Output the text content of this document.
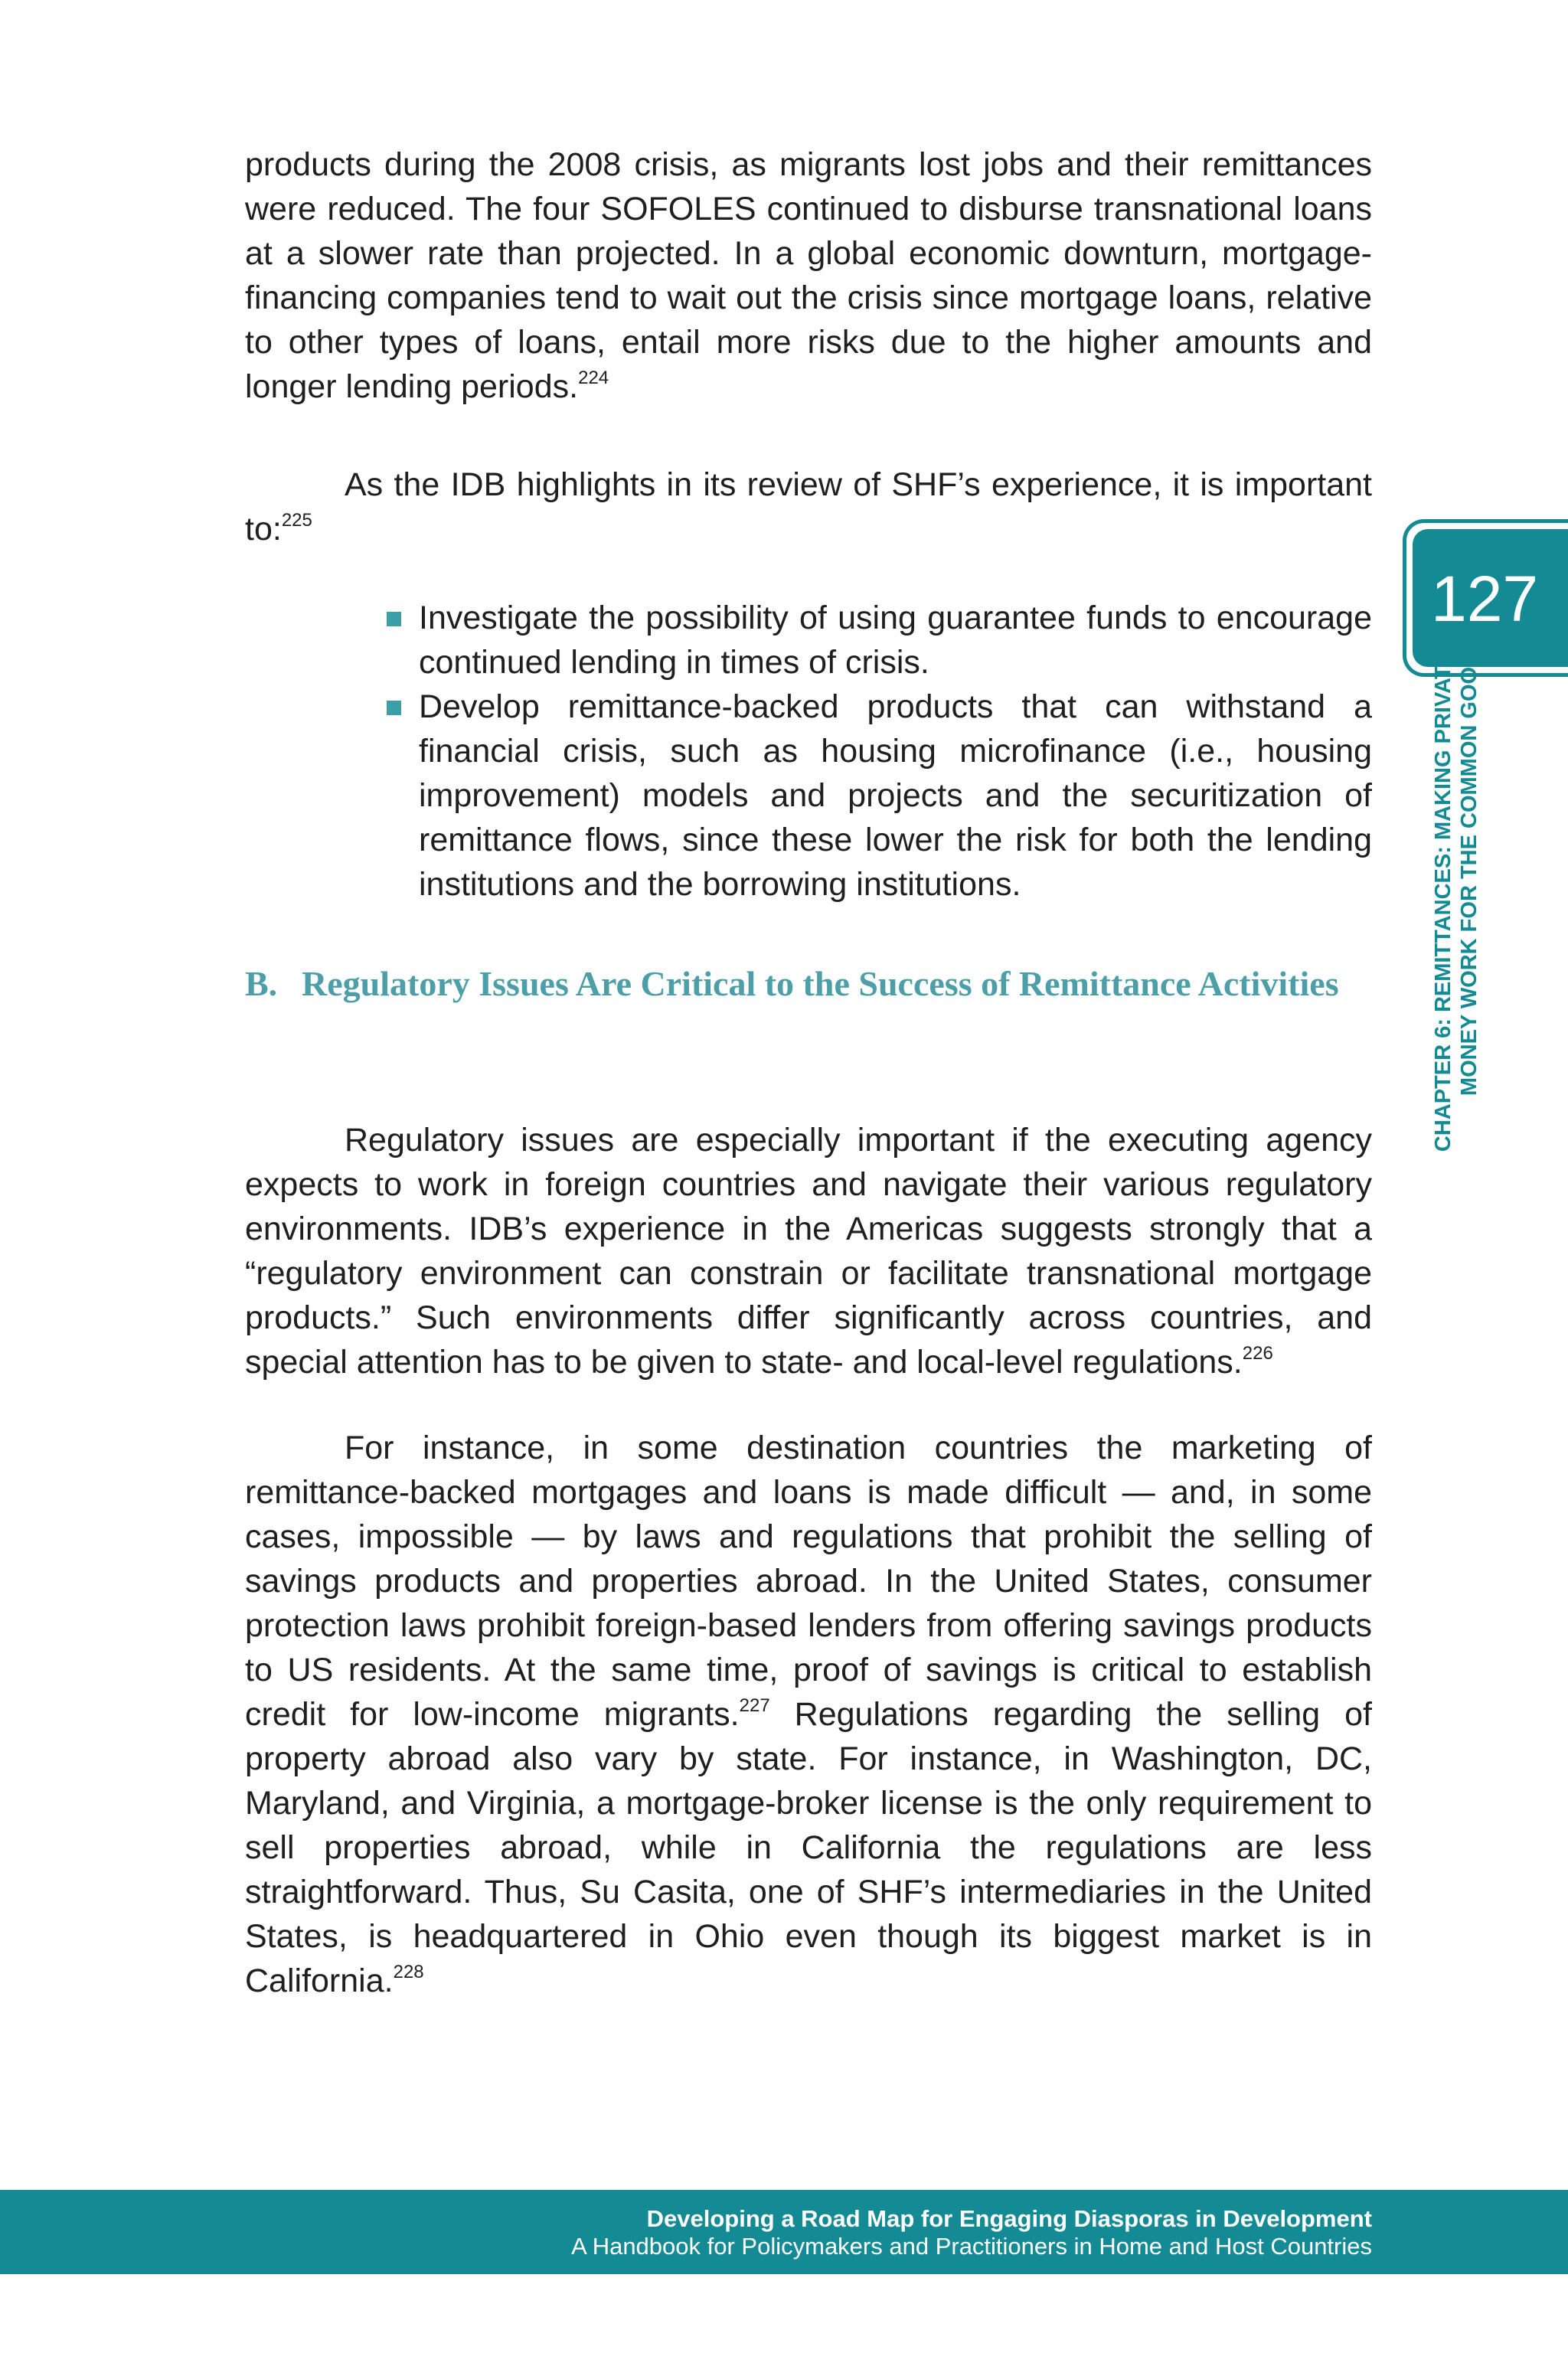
products during the 2008 crisis, as migrants lost jobs and their remittances were reduced. The four SOFOLES continued to disburse transnational loans at a slower rate than projected. In a global economic downturn, mortgage-financing companies tend to wait out the crisis since mortgage loans, relative to other types of loans, entail more risks due to the higher amounts and longer lending periods.$^{224}$

As the IDB highlights in its review of SHF’s experience, it is important to:$^{225}$

Investigate the possibility of using guarantee funds to encourage continued lending in times of crisis.

Develop remittance-backed products that can withstand a financial crisis, such as housing microfinance (i.e., housing improvement) models and projects and the securitization of remittance flows, since these lower the risk for both the lending institutions and the borrowing institutions.

B. Regulatory Issues Are Critical to the Success of Remittance Activities

Regulatory issues are especially important if the executing agency expects to work in foreign countries and navigate their various regulatory environments. IDB’s experience in the Americas suggests strongly that a “regulatory environment can constrain or facilitate transnational mortgage products.” Such environments differ significantly across countries, and special attention has to be given to state- and local-level regulations.$^{226}$

For instance, in some destination countries the marketing of remittance-backed mortgages and loans is made difficult — and, in some cases, impossible — by laws and regulations that prohibit the selling of savings products and properties abroad. In the United States, consumer protection laws prohibit foreign-based lenders from offering savings products to US residents. At the same time, proof of savings is critical to establish credit for low-income migrants.$^{227}$ Regulations regarding the selling of property abroad also vary by state. For instance, in Washington, DC, Maryland, and Virginia, a mortgage-broker license is the only requirement to sell properties abroad, while in California the regulations are less straightforward. Thus, Su Casita, one of SHF’s intermediaries in the United States, is headquartered in Ohio even though its biggest market is in California.$^{228}$

127
CHAPTER 6: REMITTANCES: MAKING PRIVATE MONEY WORK FOR THE COMMON GOOD
Developing a Road Map for Engaging Diasporas in Development
A Handbook for Policymakers and Practitioners in Home and Host Countries
